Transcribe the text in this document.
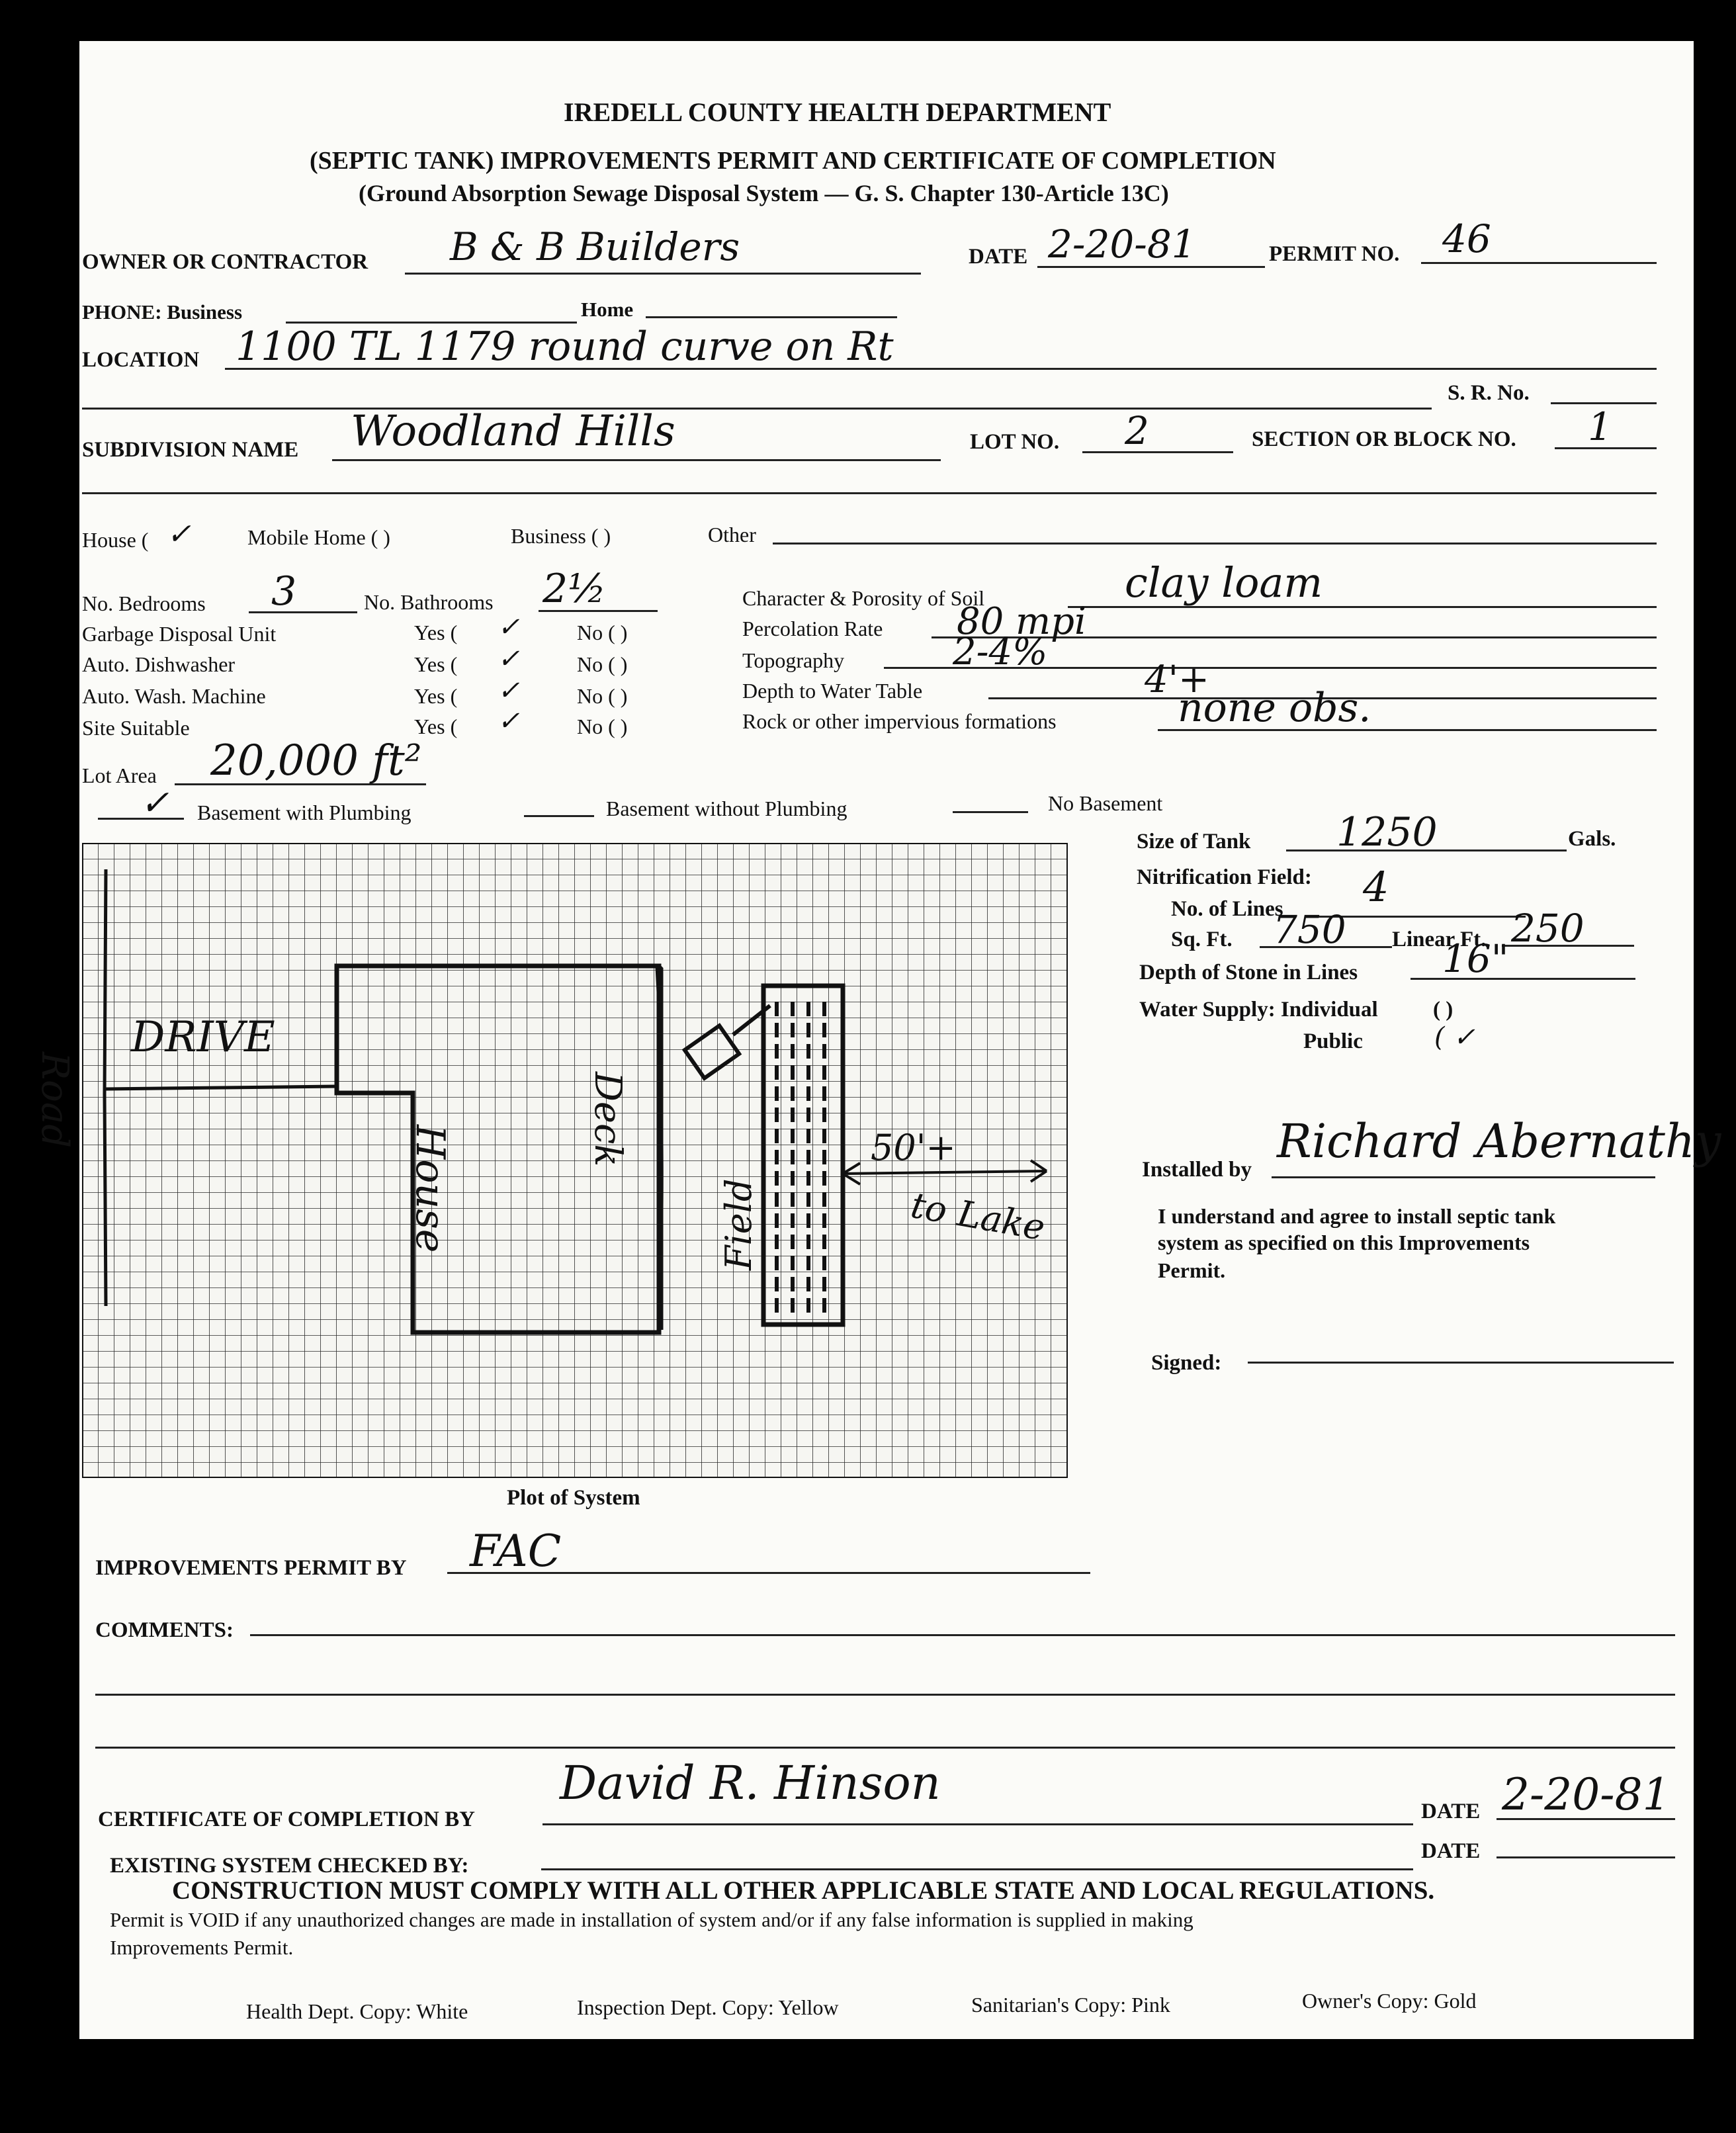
IREDELL COUNTY HEALTH DEPARTMENT
(SEPTIC TANK) IMPROVEMENTS PERMIT AND CERTIFICATE OF COMPLETION
(Ground Absorption Sewage Disposal System — G. S. Chapter 130-Article 13C)
OWNER OR CONTRACTOR B & B Builders	DATE 2-20-81	PERMIT NO. 46
PHONE: Business	Home
LOCATION 1100 TL 1179 round curve on Rt
S. R. No.
SUBDIVISION NAME Woodland Hills	LOT NO. 2	SECTION OR BLOCK NO. 1
House ( ✓	Mobile Home ( )	Business ( )	Other
No. Bedrooms 3	No. Bathrooms 2½
Garbage Disposal Unit	Yes ( ✓	No ( )
Auto. Dishwasher	Yes ( ✓	No ( )
Auto. Wash. Machine	Yes ( ✓	No ( )
Site Suitable	Yes ( ✓	No ( )
Character & Porosity of Soil	clay loam
Percolation Rate 80 mpi
Topography	2-4%
Depth to Water Table	4'+
Rock or other impervious formations	none obs.
Lot Area 20,000 ft²
✓ Basement with Plumbing	Basement without Plumbing	No Basement
DRIVE
House
Deck
Road
Field
50'+
to Lake
Plot of System
Size of Tank 1250	Gals.
Nitrification Field:
No. of Lines 4
Sq. Ft. 750 Linear Ft. 250
Depth of Stone in Lines 16"
Water Supply: Individual	( )
Public	( ✓
Installed by
Richard Abernathy
I understand and agree to install septic tank
system as specified on this Improvements
Permit.
Signed:
IMPROVEMENTS PERMIT BY FAC
COMMENTS:
CERTIFICATE OF COMPLETION BY
David R. Hinson
DATE 2-20-81
EXISTING SYSTEM CHECKED BY:
DATE
CONSTRUCTION MUST COMPLY WITH ALL OTHER APPLICABLE STATE AND LOCAL REGULATIONS.
Permit is VOID if any unauthorized changes are made in installation of system and/or if any false information is supplied in making
Improvements Permit.
Health Dept. Copy: White	Inspection Dept. Copy: Yellow	Sanitarian's Copy: Pink	Owner's Copy: Gold
